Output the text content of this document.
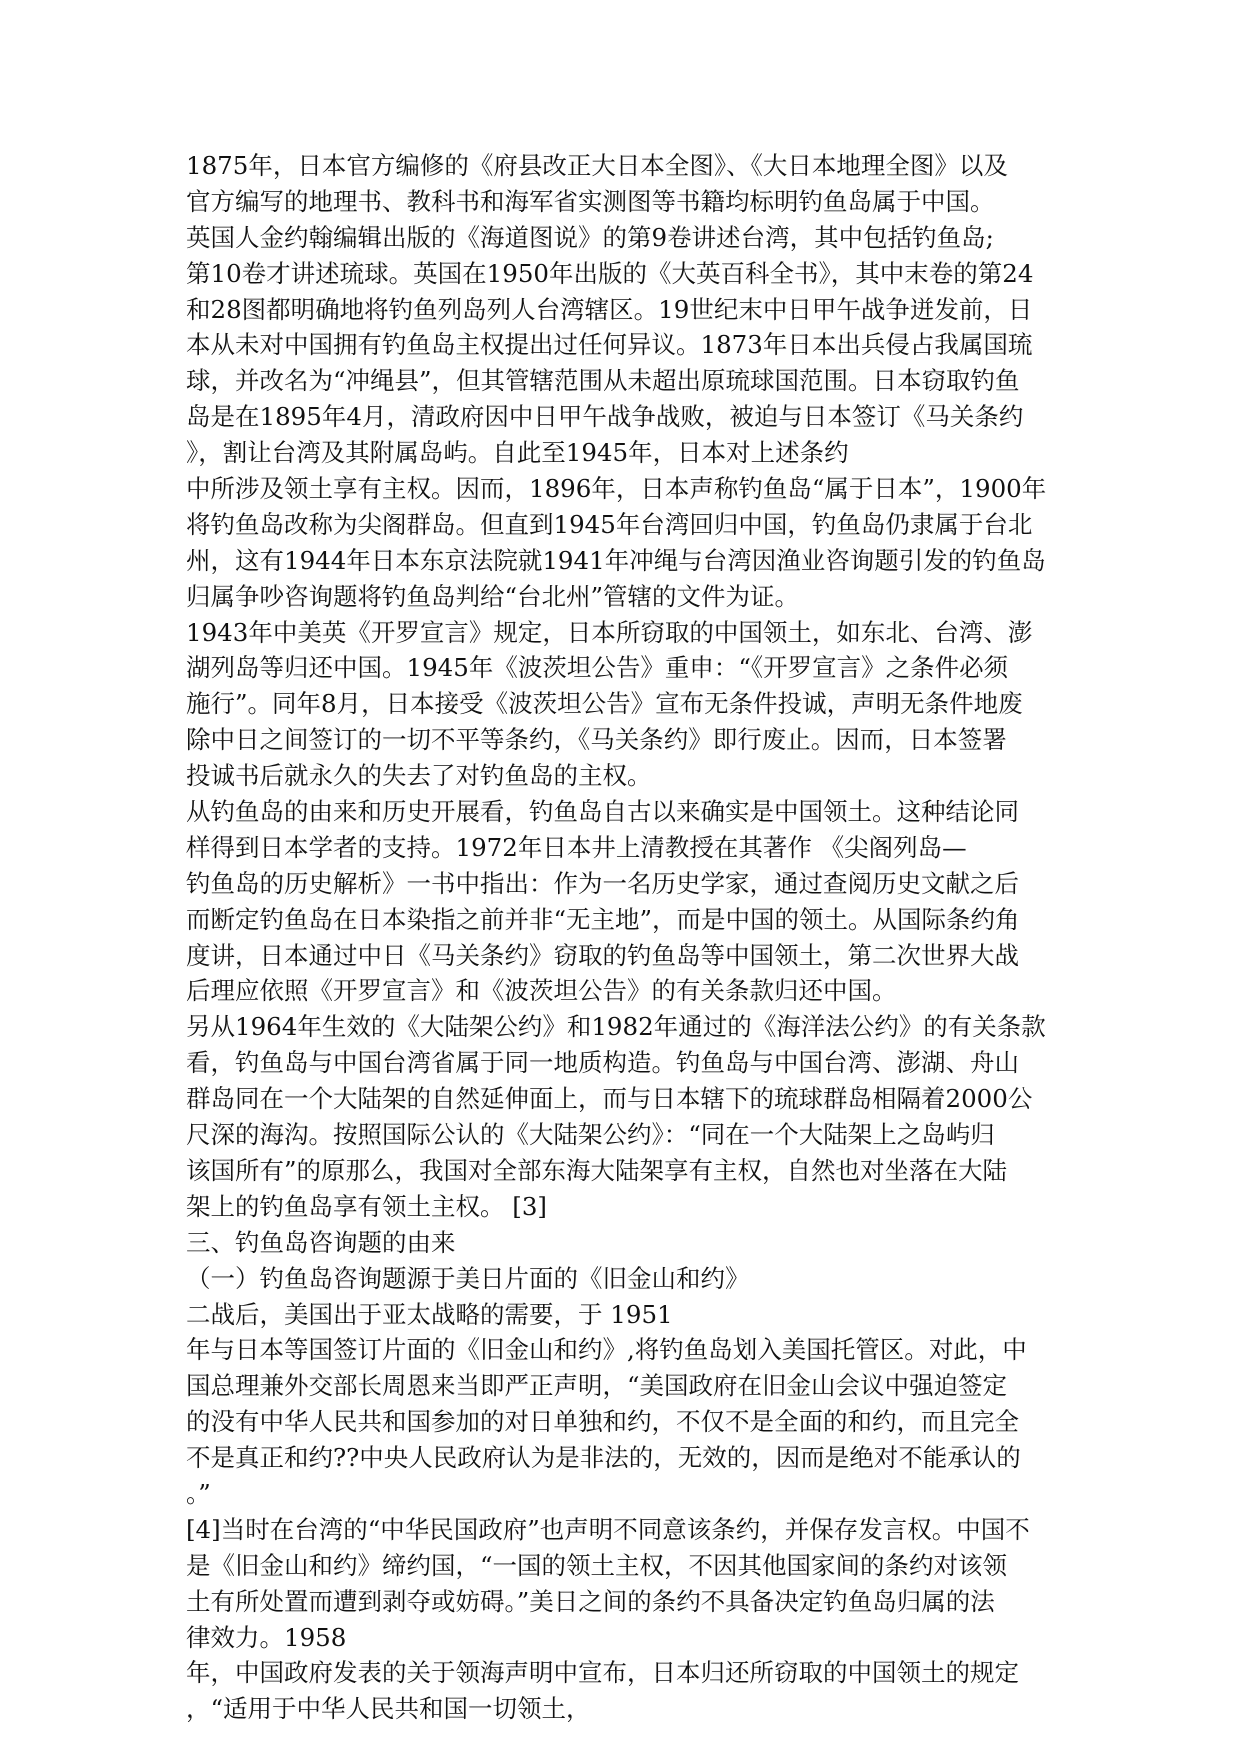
1875年，日本官方编修的《府县改正大日本全图》、《大日本地理全图》以及
官方编写的地理书、教科书和海军省实测图等书籍均标明钓鱼岛属于中国。
英国人金约翰编辑出版的《海道图说》的第9卷讲述台湾，其中包括钓鱼岛;
第10卷才讲述琉球。英国在1950年出版的《大英百科全书》，其中末卷的第24
和28图都明确地将钓鱼列岛列人台湾辖区。19世纪末中日甲午战争迸发前，日
本从未对中国拥有钓鱼岛主权提出过任何异议。1873年日本出兵侵占我属国琉
球，并改名为“冲绳县”，但其管辖范围从未超出原琉球国范围。日本窃取钓鱼
岛是在1895年4月，清政府因中日甲午战争战败，被迫与日本签订《马关条约
》，割让台湾及其附属岛屿。自此至1945年，日本对上述条约
中所涉及领土享有主权。因而，1896年，日本声称钓鱼岛“属于日本”，1900年
将钓鱼岛改称为尖阁群岛。但直到1945年台湾回归中国，钓鱼岛仍隶属于台北
州，这有1944年日本东京法院就1941年冲绳与台湾因渔业咨询题引发的钓鱼岛
归属争吵咨询题将钓鱼岛判给“台北州”管辖的文件为证。
1943年中美英《开罗宣言》规定，日本所窃取的中国领土，如东北、台湾、澎
湖列岛等归还中国。1945年《波茨坦公告》重申：“《开罗宣言》之条件必须
施行”。同年8月，日本接受《波茨坦公告》宣布无条件投诚，声明无条件地废
除中日之间签订的一切不平等条约，《马关条约》即行废止。因而，日本签署
投诚书后就永久的失去了对钓鱼岛的主权。
从钓鱼岛的由来和历史开展看，钓鱼岛自古以来确实是中国领土。这种结论同
样得到日本学者的支持。1972年日本井上清教授在其著作 《尖阁列岛—
钓鱼岛的历史解析》一书中指出：作为一名历史学家，通过查阅历史文献之后
而断定钓鱼岛在日本染指之前并非“无主地”，而是中国的领土。从国际条约角
度讲，日本通过中日《马关条约》窃取的钓鱼岛等中国领土，第二次世界大战
后理应依照《开罗宣言》和《波茨坦公告》的有关条款归还中国。
另从1964年生效的《大陆架公约》和1982年通过的《海洋法公约》的有关条款
看，钓鱼岛与中国台湾省属于同一地质构造。钓鱼岛与中国台湾、澎湖、舟山
群岛同在一个大陆架的自然延伸面上，而与日本辖下的琉球群岛相隔着2000公
尺深的海沟。按照国际公认的《大陆架公约》：“同在一个大陆架上之岛屿归
该国所有”的原那么，我国对全部东海大陆架享有主权，自然也对坐落在大陆
架上的钓鱼岛享有领土主权。 [3]
三、钓鱼岛咨询题的由来
（一）钓鱼岛咨询题源于美日片面的《旧金山和约》
二战后，美国出于亚太战略的需要，于 1951
年与日本等国签订片面的《旧金山和约》,将钓鱼岛划入美国托管区。对此，中
国总理兼外交部长周恩来当即严正声明，“美国政府在旧金山会议中强迫签定
的没有中华人民共和国参加的对日单独和约，不仅不是全面的和约，而且完全
不是真正和约??中央人民政府认为是非法的，无效的，因而是绝对不能承认的
。”
[4]当时在台湾的“中华民国政府”也声明不同意该条约，并保存发言权。中国不
是《旧金山和约》缔约国，“一国的领土主权，不因其他国家间的条约对该领
土有所处置而遭到剥夺或妨碍。”美日之间的条约不具备决定钓鱼岛归属的法
律效力。1958
年，中国政府发表的关于领海声明中宣布，日本归还所窃取的中国领土的规定
，“适用于中华人民共和国一切领土，
